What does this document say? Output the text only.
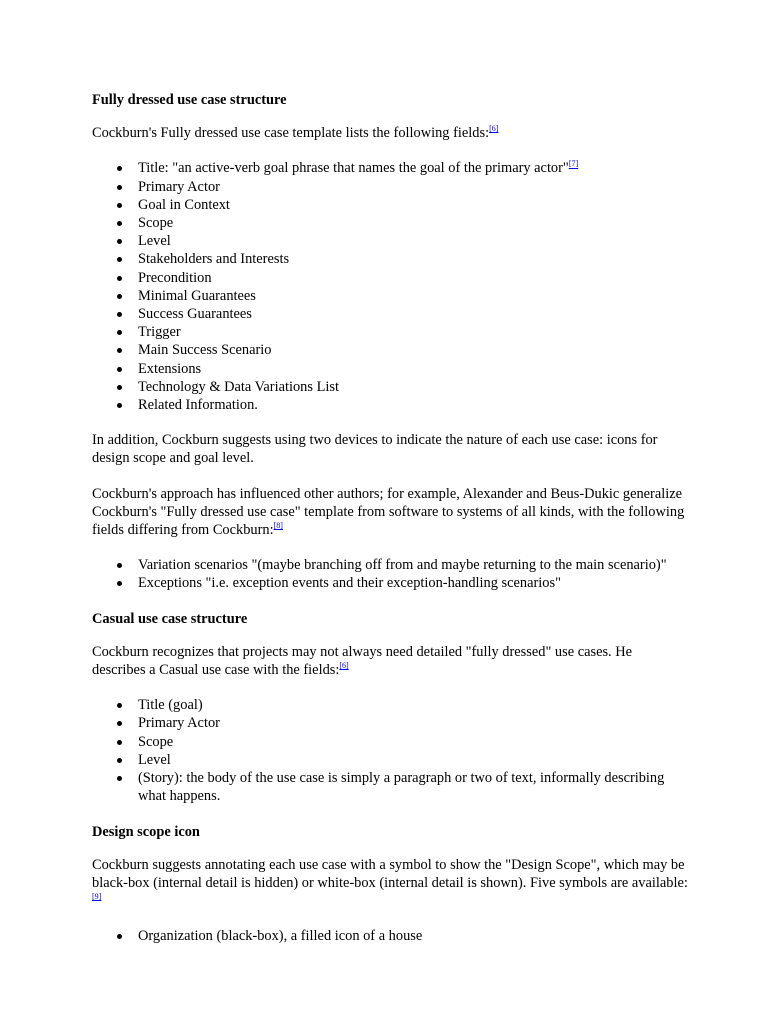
Fully dressed use case structure

Cockburn's Fully dressed use case template lists the following fields:[6]

Title: "an active-verb goal phrase that names the goal of the primary actor"[7]
Primary Actor
Goal in Context
Scope
Level
Stakeholders and Interests
Precondition
Minimal Guarantees
Success Guarantees
Trigger
Main Success Scenario
Extensions
Technology & Data Variations List
Related Information.

In addition, Cockburn suggests using two devices to indicate the nature of each use case: icons for design scope and goal level.

Cockburn's approach has influenced other authors; for example, Alexander and Beus-Dukic generalize Cockburn's "Fully dressed use case" template from software to systems of all kinds, with the following fields differing from Cockburn:[8]

Variation scenarios "(maybe branching off from and maybe returning to the main scenario)"
Exceptions "i.e. exception events and their exception-handling scenarios"
Casual use case structure

Cockburn recognizes that projects may not always need detailed "fully dressed" use cases. He describes a Casual use case with the fields:[6]

Title (goal)
Primary Actor
Scope
Level
(Story): the body of the use case is simply a paragraph or two of text, informally describing what happens.
Design scope icon

Cockburn suggests annotating each use case with a symbol to show the "Design Scope", which may be black-box (internal detail is hidden) or white-box (internal detail is shown). Five symbols are available:[9]

Organization (black-box), a filled icon of a house
